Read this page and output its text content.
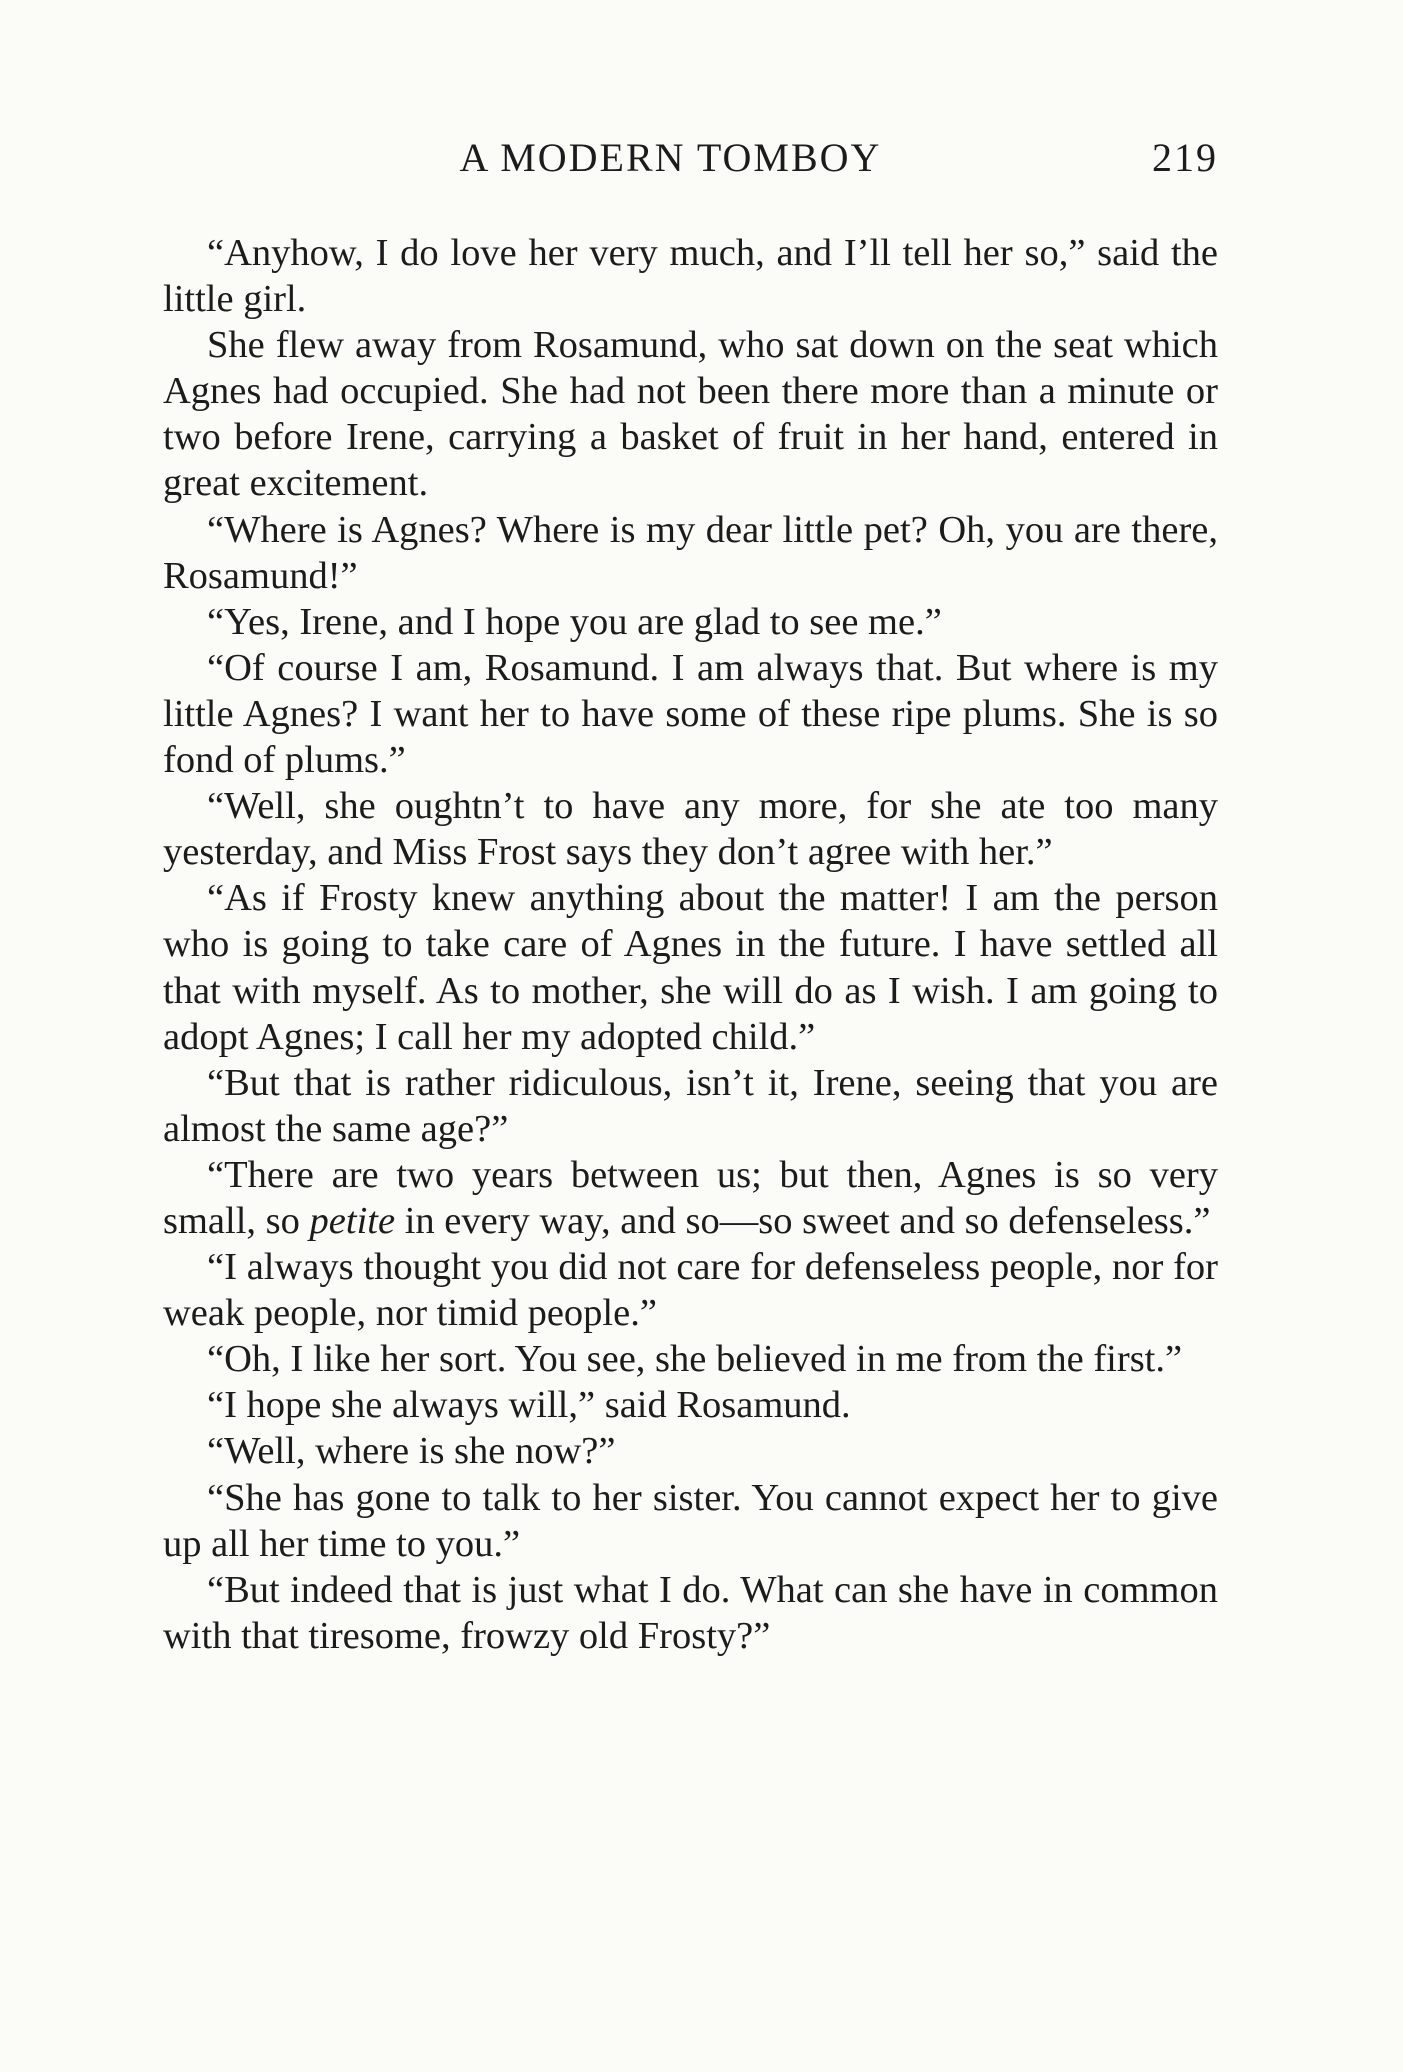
A MODERN TOMBOY	219

“Anyhow, I do love her very much, and I’ll tell her so,” said the little girl.

She flew away from Rosamund, who sat down on the seat which Agnes had occupied. She had not been there more than a minute or two before Irene, carrying a basket of fruit in her hand, entered in great excitement.

“Where is Agnes? Where is my dear little pet? Oh, you are there, Rosamund!”

“Yes, Irene, and I hope you are glad to see me.”

“Of course I am, Rosamund. I am always that. But where is my little Agnes? I want her to have some of these ripe plums. She is so fond of plums.”

“Well, she oughtn’t to have any more, for she ate too many yesterday, and Miss Frost says they don’t agree with her.”

“As if Frosty knew anything about the matter! I am the person who is going to take care of Agnes in the future. I have settled all that with myself. As to mother, she will do as I wish. I am going to adopt Agnes; I call her my adopted child.”

“But that is rather ridiculous, isn’t it, Irene, seeing that you are almost the same age?”

“There are two years between us; but then, Agnes is so very small, so petite in every way, and so—so sweet and so defenseless.”

“I always thought you did not care for defenseless people, nor for weak people, nor timid people.”

“Oh, I like her sort. You see, she believed in me from the first.”

“I hope she always will,” said Rosamund.

“Well, where is she now?”

“She has gone to talk to her sister. You cannot expect her to give up all her time to you.”

“But indeed that is just what I do. What can she have in common with that tiresome, frowzy old Frosty?”
